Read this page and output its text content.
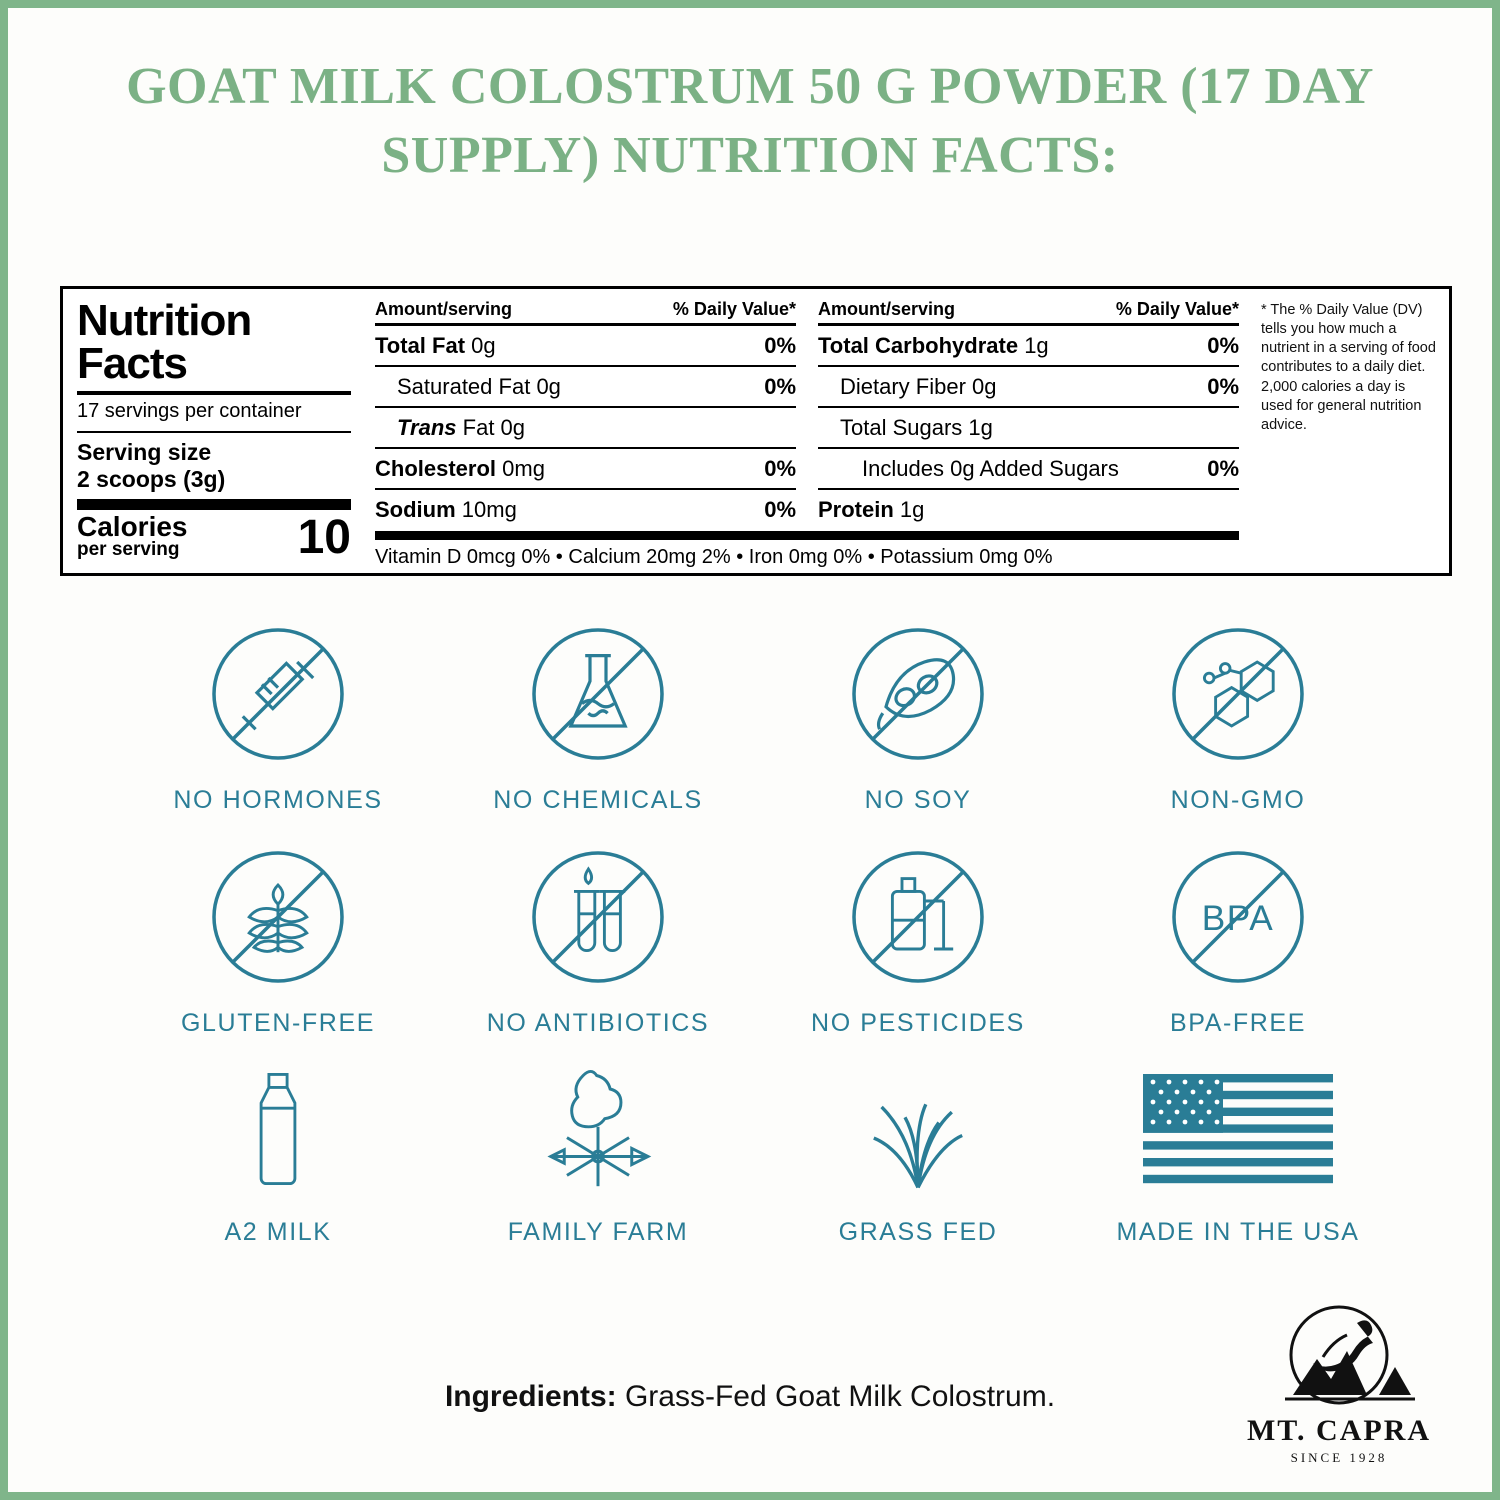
GOAT MILK COLOSTRUM 50 G POWDER (17 DAY SUPPLY) NUTRITION FACTS:
Nutrition
Facts
17 servings per container
Serving size
2 scoops (3g)
Calories
per serving 10
Amount/serving	% Daily Value*
Total Fat 0g	0%
Saturated Fat 0g	0%
Trans Fat 0g
Cholesterol 0mg	0%
Sodium 10mg	0%
Amount/serving	% Daily Value*
Total Carbohydrate 1g	0%
Dietary Fiber 0g	0%
Total Sugars 1g
Includes 0g Added Sugars	0%
Protein 1g
Vitamin D 0mcg 0% • Calcium 20mg 2% • Iron 0mg 0% • Potassium 0mg 0%
* The % Daily Value (DV) tells you how much a nutrient in a serving of food contributes to a daily diet. 2,000 calories a day is used for general nutrition advice.
NO HORMONES	NO CHEMICALS	NO SOY	NON-GMO
GLUTEN-FREE	NO ANTIBIOTICS	NO PESTICIDES
BPA
BPA-FREE
A2 MILK	FAMILY FARM	GRASS FED	MADE IN THE USA
Ingredients: Grass-Fed Goat Milk Colostrum.
MT. CAPRA
SINCE 1928
